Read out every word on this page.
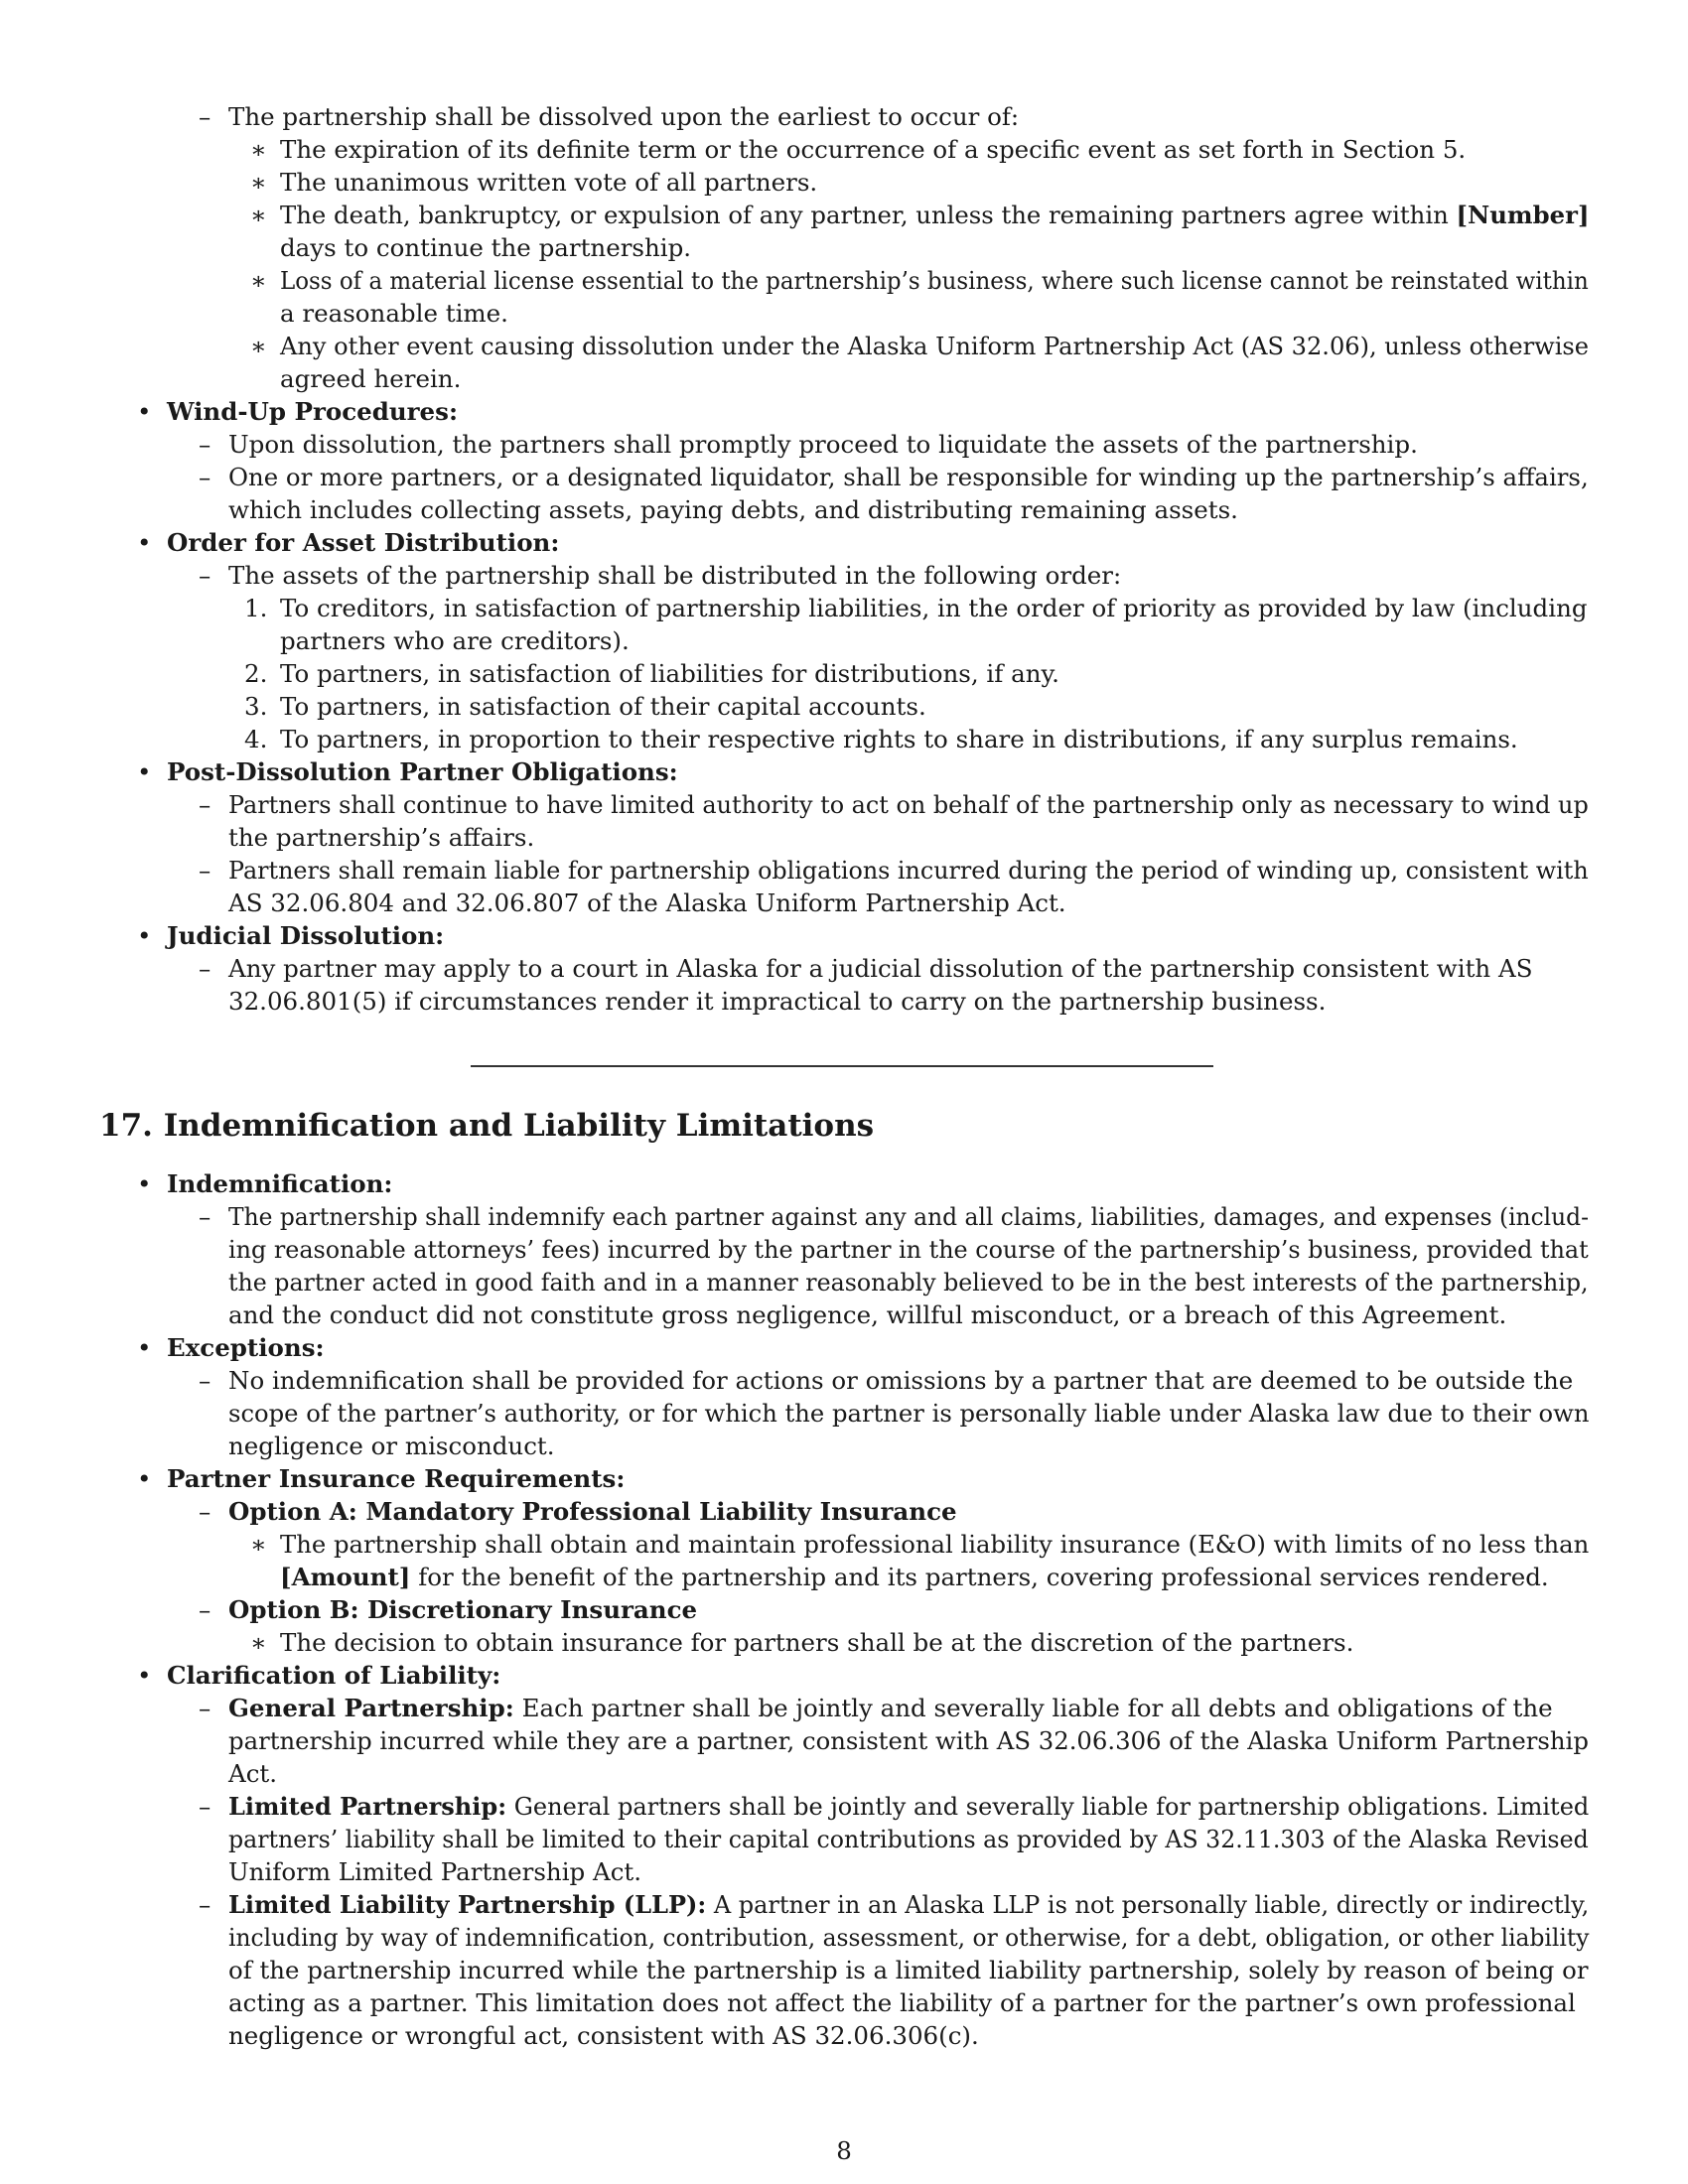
– The partnership shall be dissolved upon the earliest to occur of:
∗ The expiration of its definite term or the occurrence of a specific event as set forth in Section 5.
∗ The unanimous written vote of all partners.
∗ The death, bankruptcy, or expulsion of any partner, unless the remaining partners agree within [Number]
days to continue the partnership.
∗ Loss of a material license essential to the partnership’s business, where such license cannot be reinstated within
a reasonable time.
∗ Any other event causing dissolution under the Alaska Uniform Partnership Act (AS 32.06), unless otherwise
agreed herein.
• Wind-Up Procedures:
– Upon dissolution, the partners shall promptly proceed to liquidate the assets of the partnership.
– One or more partners, or a designated liquidator, shall be responsible for winding up the partnership’s affairs,
which includes collecting assets, paying debts, and distributing remaining assets.
• Order for Asset Distribution:
– The assets of the partnership shall be distributed in the following order:
1. To creditors, in satisfaction of partnership liabilities, in the order of priority as provided by law (including
partners who are creditors).
2. To partners, in satisfaction of liabilities for distributions, if any.
3. To partners, in satisfaction of their capital accounts.
4. To partners, in proportion to their respective rights to share in distributions, if any surplus remains.
• Post-Dissolution Partner Obligations:
– Partners shall continue to have limited authority to act on behalf of the partnership only as necessary to wind up
the partnership’s affairs.
– Partners shall remain liable for partnership obligations incurred during the period of winding up, consistent with
AS 32.06.804 and 32.06.807 of the Alaska Uniform Partnership Act.
• Judicial Dissolution:
– Any partner may apply to a court in Alaska for a judicial dissolution of the partnership consistent with AS
32.06.801(5) if circumstances render it impractical to carry on the partnership business.
17. Indemnification and Liability Limitations
• Indemnification:
– The partnership shall indemnify each partner against any and all claims, liabilities, damages, and expenses (includ-
ing reasonable attorneys’ fees) incurred by the partner in the course of the partnership’s business, provided that
the partner acted in good faith and in a manner reasonably believed to be in the best interests of the partnership,
and the conduct did not constitute gross negligence, willful misconduct, or a breach of this Agreement.
• Exceptions:
– No indemnification shall be provided for actions or omissions by a partner that are deemed to be outside the
scope of the partner’s authority, or for which the partner is personally liable under Alaska law due to their own
negligence or misconduct.
• Partner Insurance Requirements:
– Option A: Mandatory Professional Liability Insurance
∗ The partnership shall obtain and maintain professional liability insurance (E&O) with limits of no less than
[Amount] for the benefit of the partnership and its partners, covering professional services rendered.
– Option B: Discretionary Insurance
∗ The decision to obtain insurance for partners shall be at the discretion of the partners.
• Clarification of Liability:
– General Partnership: Each partner shall be jointly and severally liable for all debts and obligations of the
partnership incurred while they are a partner, consistent with AS 32.06.306 of the Alaska Uniform Partnership
Act.
– Limited Partnership: General partners shall be jointly and severally liable for partnership obligations. Limited
partners’ liability shall be limited to their capital contributions as provided by AS 32.11.303 of the Alaska Revised
Uniform Limited Partnership Act.
– Limited Liability Partnership (LLP): A partner in an Alaska LLP is not personally liable, directly or indirectly,
including by way of indemnification, contribution, assessment, or otherwise, for a debt, obligation, or other liability
of the partnership incurred while the partnership is a limited liability partnership, solely by reason of being or
acting as a partner. This limitation does not affect the liability of a partner for the partner’s own professional
negligence or wrongful act, consistent with AS 32.06.306(c).
8
